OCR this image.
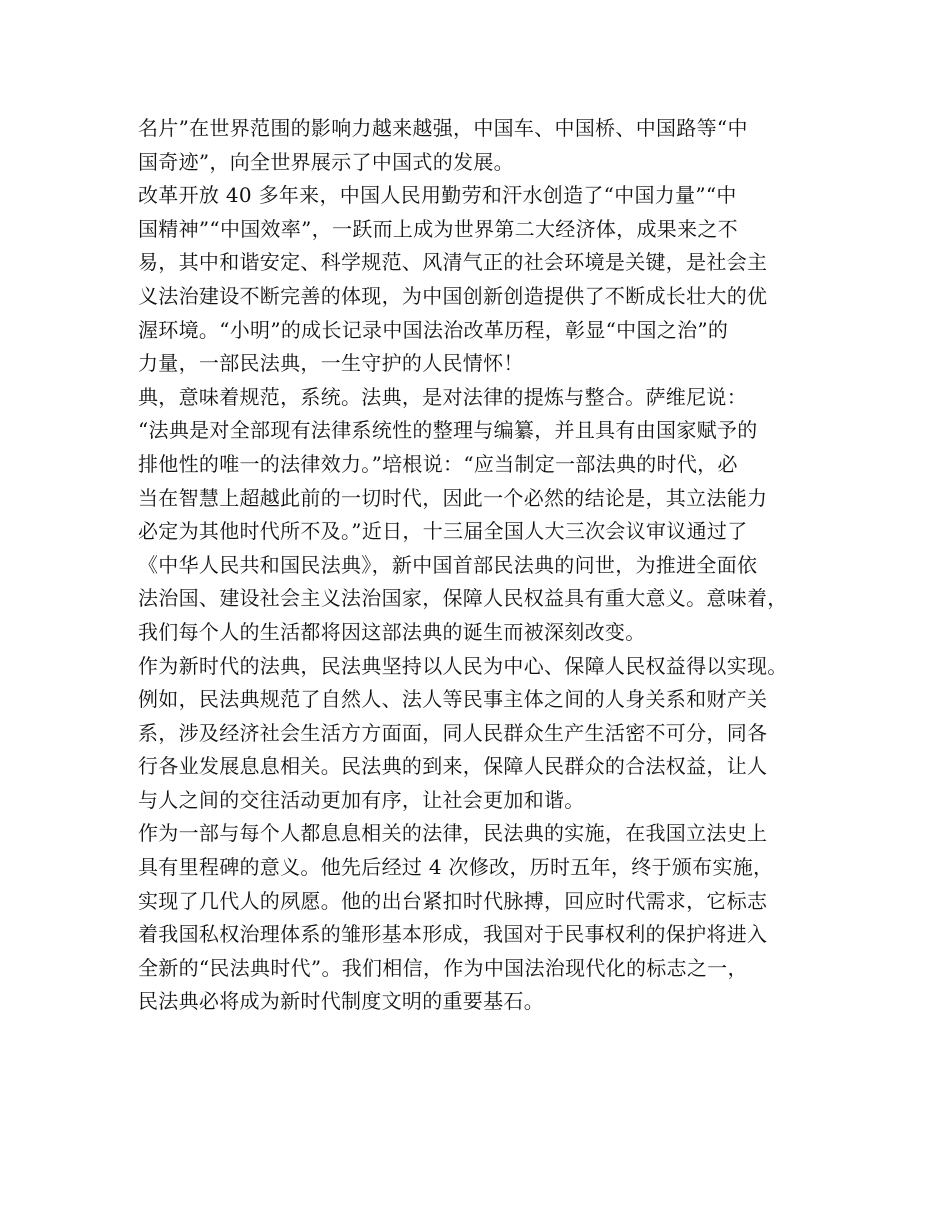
名片”在世界范围的影响力越来越强，中国车、中国桥、中国路等“中
国奇迹”，向全世界展示了中国式的发展。
改革开放 40 多年来，中国人民用勤劳和汗水创造了“中国力量”“中
国精神”“中国效率”，一跃而上成为世界第二大经济体，成果来之不
易，其中和谐安定、科学规范、风清气正的社会环境是关键，是社会主
义法治建设不断完善的体现，为中国创新创造提供了不断成长壮大的优
渥环境。“小明”的成长记录中国法治改革历程，彰显“中国之治”的
力量，一部民法典，一生守护的人民情怀！
典，意味着规范，系统。法典，是对法律的提炼与整合。萨维尼说：
“法典是对全部现有法律系统性的整理与编纂，并且具有由国家赋予的
排他性的唯一的法律效力。”培根说：“应当制定一部法典的时代，必
当在智慧上超越此前的一切时代，因此一个必然的结论是，其立法能力
必定为其他时代所不及。”近日，十三届全国人大三次会议审议通过了
《中华人民共和国民法典》，新中国首部民法典的问世，为推进全面依
法治国、建设社会主义法治国家，保障人民权益具有重大意义。意味着，
我们每个人的生活都将因这部法典的诞生而被深刻改变。
作为新时代的法典，民法典坚持以人民为中心、保障人民权益得以实现。
例如，民法典规范了自然人、法人等民事主体之间的人身关系和财产关
系，涉及经济社会生活方方面面，同人民群众生产生活密不可分，同各
行各业发展息息相关。民法典的到来，保障人民群众的合法权益，让人
与人之间的交往活动更加有序，让社会更加和谐。
作为一部与每个人都息息相关的法律，民法典的实施，在我国立法史上
具有里程碑的意义。他先后经过 4 次修改，历时五年，终于颁布实施，
实现了几代人的夙愿。他的出台紧扣时代脉搏，回应时代需求，它标志
着我国私权治理体系的雏形基本形成，我国对于民事权利的保护将进入
全新的“民法典时代”。我们相信，作为中国法治现代化的标志之一，
民法典必将成为新时代制度文明的重要基石。
